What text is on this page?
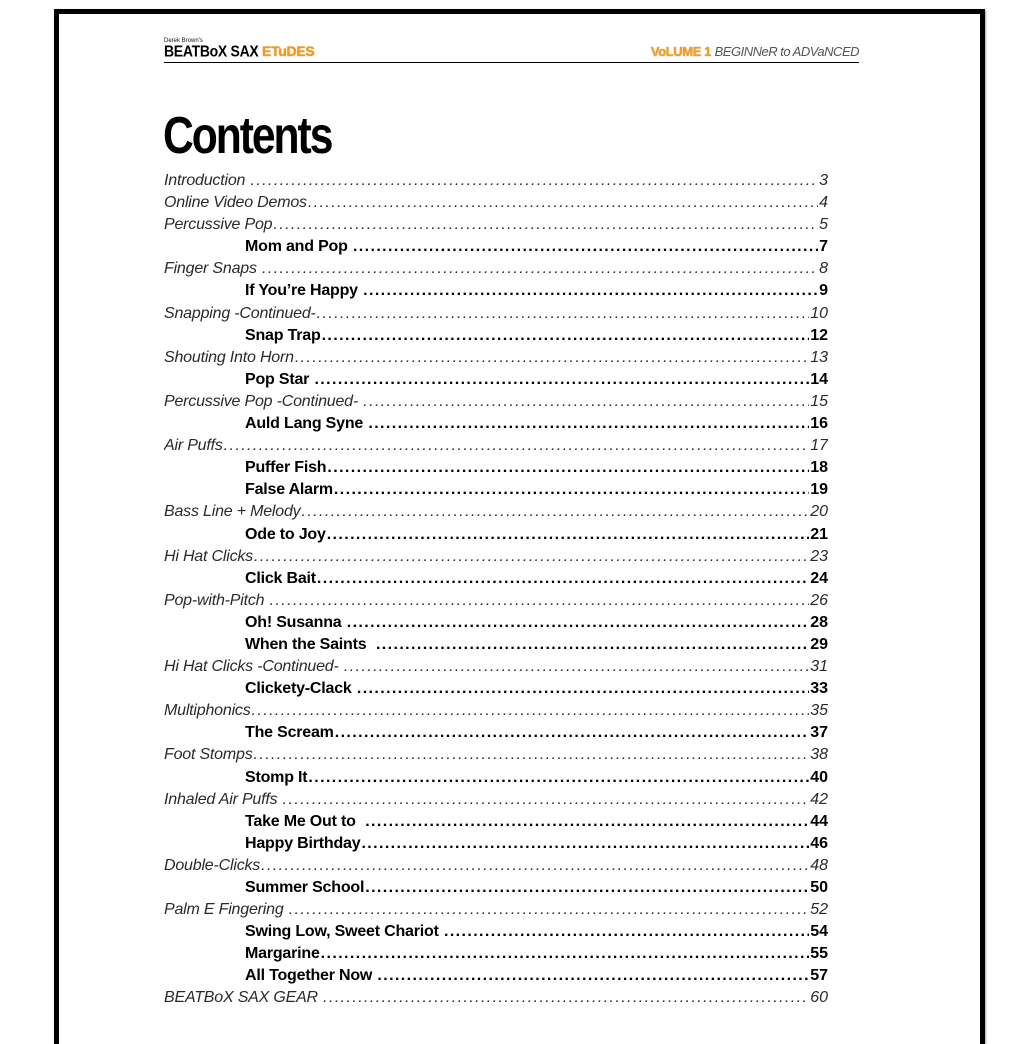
Derek Brown's
BEATBoX SAX ETuDES	VoLUME 1 BEGINNeR to ADVaNCED
Contents
Introduction .....	3
Online Video Demos .....	4
Percussive Pop .....	5
Mom and Pop .....	7
Finger Snaps .....	8
If You’re Happy .....	9
Snapping -Continued- .....	10
Snap Trap .....	12
Shouting Into Horn .....	13
Pop Star .....	14
Percussive Pop -Continued- .....	15
Auld Lang Syne .....	16
Air Puffs .....	17
Puffer Fish .....	18
False Alarm .....	19
Bass Line + Melody .....	20
Ode to Joy .....	21
Hi Hat Clicks .....	23
Click Bait .....	24
Pop-with-Pitch .....	26
Oh! Susanna .....	28
When the Saints .....	29
Hi Hat Clicks -Continued- .....	31
Clickety-Clack .....	33
Multiphonics .....	35
The Scream .....	37
Foot Stomps .....	38
Stomp It .....	40
Inhaled Air Puffs .....	42
Take Me Out to .....	44
Happy Birthday .....	46
Double-Clicks .....	48
Summer School .....	50
Palm E Fingering .....	52
Swing Low, Sweet Chariot .....	54
Margarine .....	55
All Together Now .....	57
BEATBoX SAX GEAR .....	60
